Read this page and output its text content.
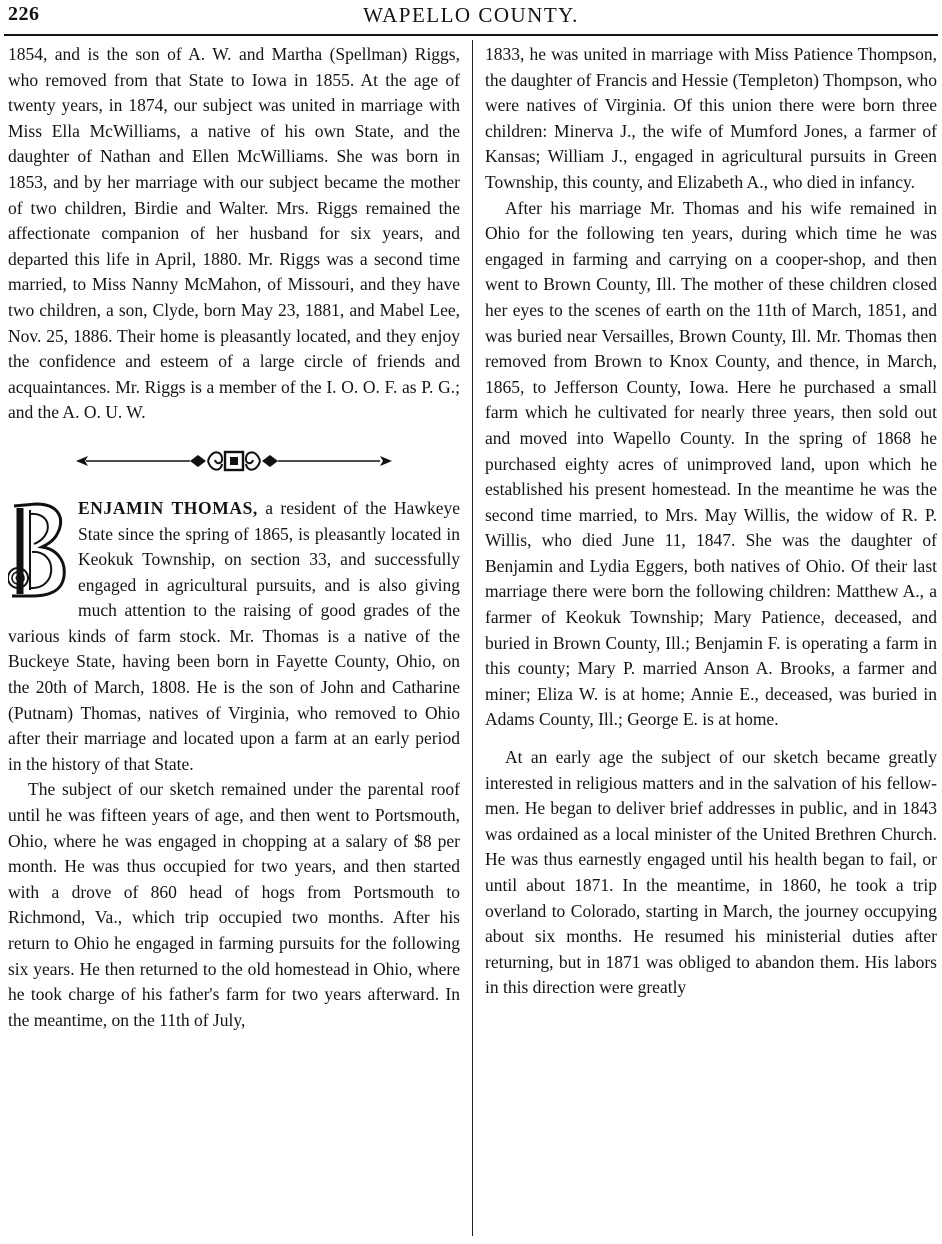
226	WAPELLO COUNTY.

1854, and is the son of A. W. and Martha (Spellman) Riggs, who removed from that State to Iowa in 1855. At the age of twenty years, in 1874, our subject was united in marriage with Miss Ella McWilliams, a native of his own State, and the daughter of Nathan and Ellen McWilliams. She was born in 1853, and by her marriage with our subject became the mother of two children, Birdie and Walter. Mrs. Riggs remained the affectionate companion of her husband for six years, and departed this life in April, 1880. Mr. Riggs was a second time married, to Miss Nanny McMahon, of Missouri, and they have two children, a son, Clyde, born May 23, 1881, and Mabel Lee, Nov. 25, 1886. Their home is pleasantly located, and they enjoy the confidence and esteem of a large circle of friends and acquaintances. Mr. Riggs is a member of the I. O. O. F. as P. G.; and the A. O. U. W.

ENJAMIN THOMAS, a resident of the Hawkeye State since the spring of 1865, is pleasantly located in Keokuk Township, on section 33, and successfully engaged in agricultural pursuits, and is also giving much attention to the raising of good grades of the various kinds of farm stock. Mr. Thomas is a native of the Buckeye State, having been born in Fayette County, Ohio, on the 20th of March, 1808. He is the son of John and Catharine (Putnam) Thomas, natives of Virginia, who removed to Ohio after their marriage and located upon a farm at an early period in the history of that State.

The subject of our sketch remained under the parental roof until he was fifteen years of age, and then went to Portsmouth, Ohio, where he was engaged in chopping at a salary of $8 per month. He was thus occupied for two years, and then started with a drove of 860 head of hogs from Portsmouth to Richmond, Va., which trip occupied two months. After his return to Ohio he engaged in farming pursuits for the following six years. He then returned to the old homestead in Ohio, where he took charge of his father's farm for two years afterward. In the meantime, on the 11th of July,

1833, he was united in marriage with Miss Patience Thompson, the daughter of Francis and Hessie (Templeton) Thompson, who were natives of Virginia. Of this union there were born three children: Minerva J., the wife of Mumford Jones, a farmer of Kansas; William J., engaged in agricultural pursuits in Green Township, this county, and Elizabeth A., who died in infancy.

After his marriage Mr. Thomas and his wife remained in Ohio for the following ten years, during which time he was engaged in farming and carrying on a cooper-shop, and then went to Brown County, Ill. The mother of these children closed her eyes to the scenes of earth on the 11th of March, 1851, and was buried near Versailles, Brown County, Ill. Mr. Thomas then removed from Brown to Knox County, and thence, in March, 1865, to Jefferson County, Iowa. Here he purchased a small farm which he cultivated for nearly three years, then sold out and moved into Wapello County. In the spring of 1868 he purchased eighty acres of unimproved land, upon which he established his present homestead. In the meantime he was the second time married, to Mrs. May Willis, the widow of R. P. Willis, who died June 11, 1847. She was the daughter of Benjamin and Lydia Eggers, both natives of Ohio. Of their last marriage there were born the following children: Matthew A., a farmer of Keokuk Township; Mary Patience, deceased, and buried in Brown County, Ill.; Benjamin F. is operating a farm in this county; Mary P. married Anson A. Brooks, a farmer and miner; Eliza W. is at home; Annie E., deceased, was buried in Adams County, Ill.; George E. is at home.

At an early age the subject of our sketch became greatly interested in religious matters and in the salvation of his fellow-men. He began to deliver brief addresses in public, and in 1843 was ordained as a local minister of the United Brethren Church. He was thus earnestly engaged until his health began to fail, or until about 1871. In the meantime, in 1860, he took a trip overland to Colorado, starting in March, the journey occupying about six months. He resumed his ministerial duties after returning, but in 1871 was obliged to abandon them. His labors in this direction were greatly
